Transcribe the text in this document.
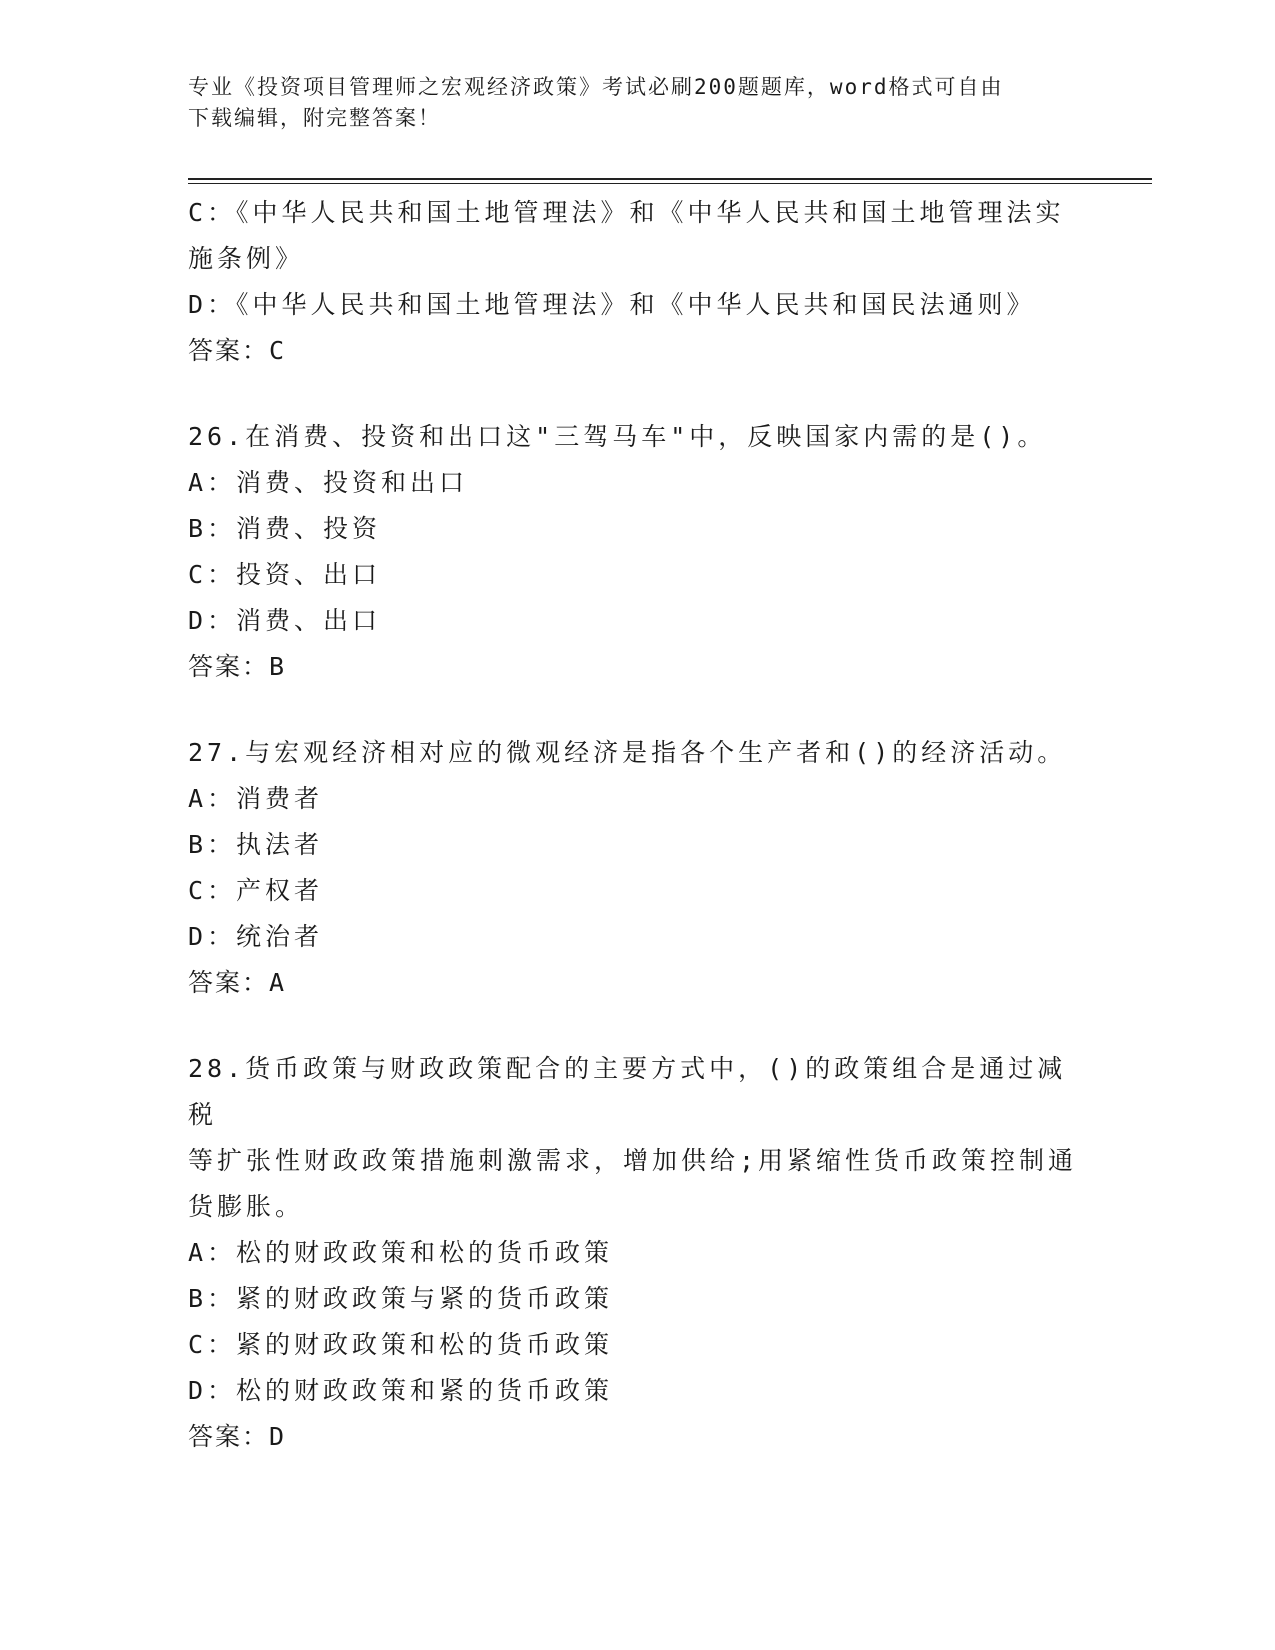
专业《投资项目管理师之宏观经济政策》考试必刷200题题库，word格式可自由
下载编辑，附完整答案！
C：《中华人民共和国土地管理法》和《中华人民共和国土地管理法实
施条例》
D：《中华人民共和国土地管理法》和《中华人民共和国民法通则》
答案：C
26.在消费、投资和出口这"三驾马车"中，反映国家内需的是()。
A：消费、投资和出口
B：消费、投资
C：投资、出口
D：消费、出口
答案：B
27.与宏观经济相对应的微观经济是指各个生产者和()的经济活动。
A：消费者
B：执法者
C：产权者
D：统治者
答案：A
28.货币政策与财政政策配合的主要方式中，()的政策组合是通过减税
等扩张性财政政策措施刺激需求，增加供给;用紧缩性货币政策控制通
货膨胀。
A：松的财政政策和松的货币政策
B：紧的财政政策与紧的货币政策
C：紧的财政政策和松的货币政策
D：松的财政政策和紧的货币政策
答案：D
